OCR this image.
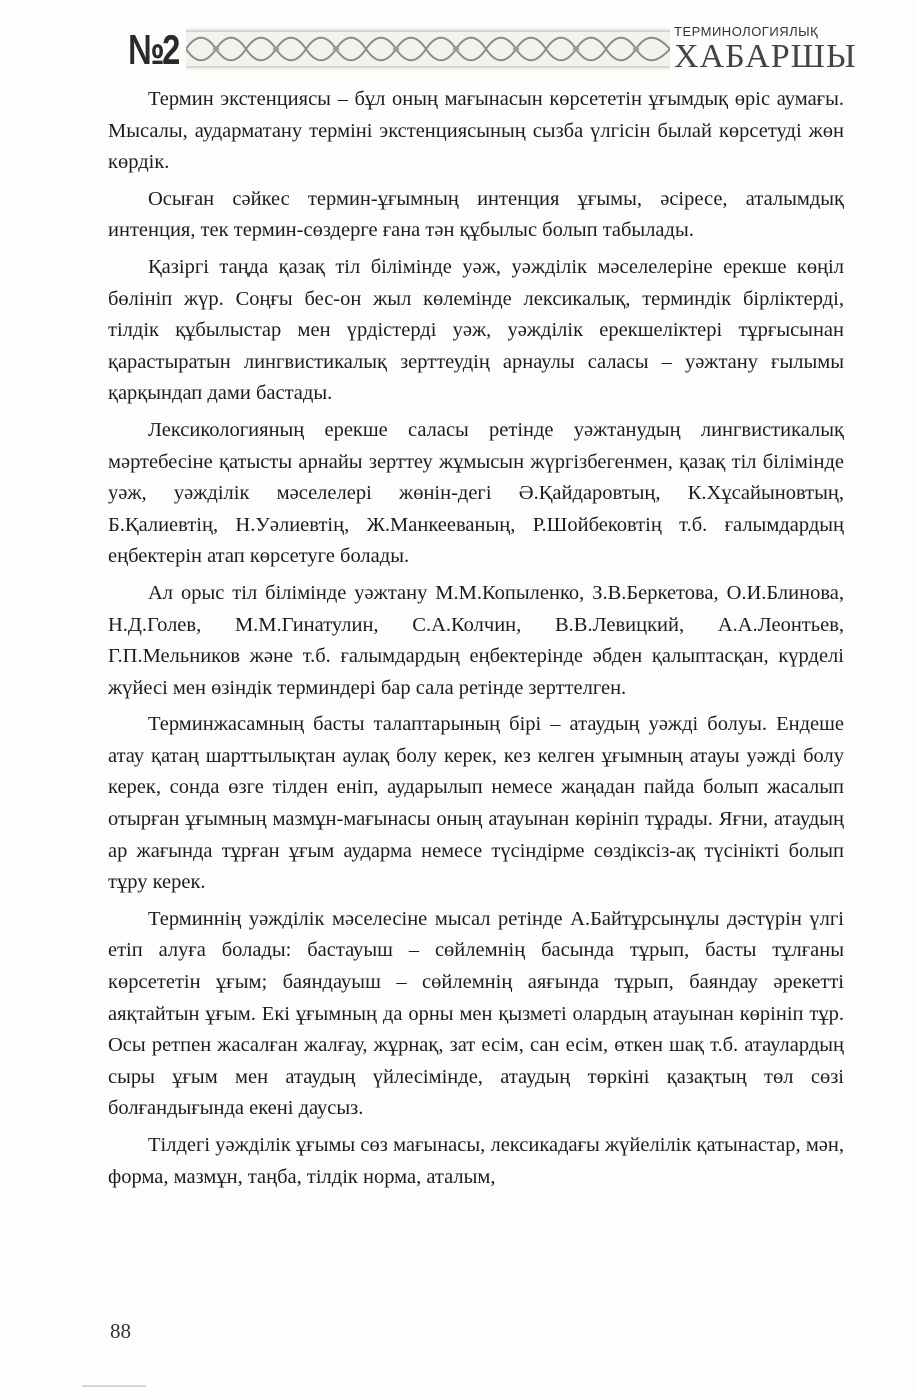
№2	ТЕРМИНОЛОГИЯЛЫҚ
ХАБАРШЫ

Термин экстенциясы – бұл оның мағынасын көрсететін ұғымдық өріс аумағы. Мысалы, аударматану терміні экстенциясының сызба үлгісін былай көрсетуді жөн көрдік.

Осыған сәйкес термин-ұғымның интенция ұғымы, әсіресе, аталымдық интенция, тек термин-сөздерге ғана тән құбылыс болып табылады.

Қазіргі таңда қазақ тіл білімінде уәж, уәжділік мәселелеріне ерекше көңіл бөлініп жүр. Соңғы бес-он жыл көлемінде лексикалық, терминдік бірліктерді, тілдік құбылыстар мен үрдістерді уәж, уәжділік ерекшеліктері тұрғысынан қарастыратын лингвистикалық зерттеудің арнаулы саласы – уәжтану ғылымы қарқындап дами бастады.

Лексикологияның ерекше саласы ретінде уәжтанудың лингвистикалық мәртебесіне қатысты арнайы зерттеу жұмысын жүргізбегенмен, қазақ тіл білімінде уәж, уәжділік мәселелері жөнін-дегі Ә.Қайдаровтың, К.Хұсайыновтың, Б.Қалиевтің, Н.Уәлиевтің, Ж.Манкееваның, Р.Шойбековтің т.б. ғалымдардың еңбектерін атап көрсетуге болады.

Ал орыс тіл білімінде уәжтану М.М.Копыленко, З.В.Беркетова, О.И.Блинова, Н.Д.Голев, М.М.Гинатулин, С.А.Колчин, В.В.Левицкий, А.А.Леонтьев, Г.П.Мельников және т.б. ғалымдардың еңбектерінде әбден қалыптасқан, күрделі жүйесі мен өзіндік терминдері бар сала ретінде зерттелген.

Терминжасамның басты талаптарының бірі – атаудың уәжді болуы. Ендеше атау қатаң шарттылықтан аулақ болу керек, кез келген ұғымның атауы уәжді болу керек, сонда өзге тілден еніп, аударылып немесе жаңадан пайда болып жасалып отырған ұғымның мазмұн-мағынасы оның атауынан көрініп тұрады. Яғни, атаудың ар жағында тұрған ұғым аударма немесе түсіндірме сөздіксіз-ақ түсінікті болып тұру керек.

Терминнің уәжділік мәселесіне мысал ретінде А.Байтұрсынұлы дәстүрін үлгі етіп алуға болады: бастауыш – сөйлемнің басында тұрып, басты тұлғаны көрсететін ұғым; баяндауыш – сөйлемнің аяғында тұрып, баяндау әрекетті аяқтайтын ұғым. Екі ұғымның да орны мен қызметі олардың атауынан көрініп тұр. Осы ретпен жасалған жалғау, жұрнақ, зат есім, сан есім, өткен шақ т.б. атаулардың сыры ұғым мен атаудың үйлесімінде, атаудың төркіні қазақтың төл сөзі болғандығында екені даусыз.

Тілдегі уәжділік ұғымы сөз мағынасы, лексикадағы жүйелілік қатынастар, мән, форма, мазмұн, таңба, тілдік норма, аталым,

88
